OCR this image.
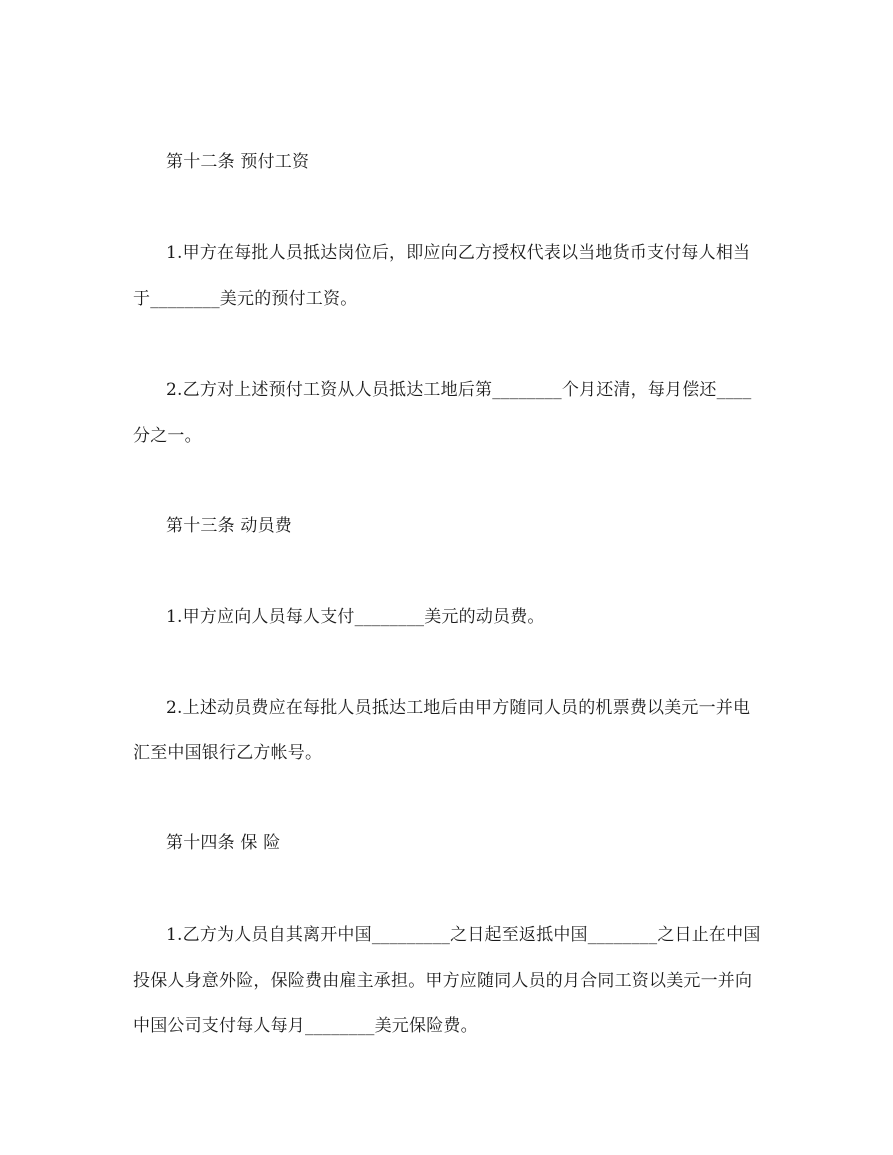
第十二条 预付工资
1.甲方在每批人员抵达岗位后，即应向乙方授权代表以当地货币支付每人相当
于________美元的预付工资。
2.乙方对上述预付工资从人员抵达工地后第________个月还清，每月偿还____
分之一。
第十三条 动员费
1.甲方应向人员每人支付________美元的动员费。
2.上述动员费应在每批人员抵达工地后由甲方随同人员的机票费以美元一并电
汇至中国银行乙方帐号。
第十四条 保 险
1.乙方为人员自其离开中国_________之日起至返抵中国________之日止在中国
投保人身意外险，保险费由雇主承担。甲方应随同人员的月合同工资以美元一并向
中国公司支付每人每月________美元保险费。
